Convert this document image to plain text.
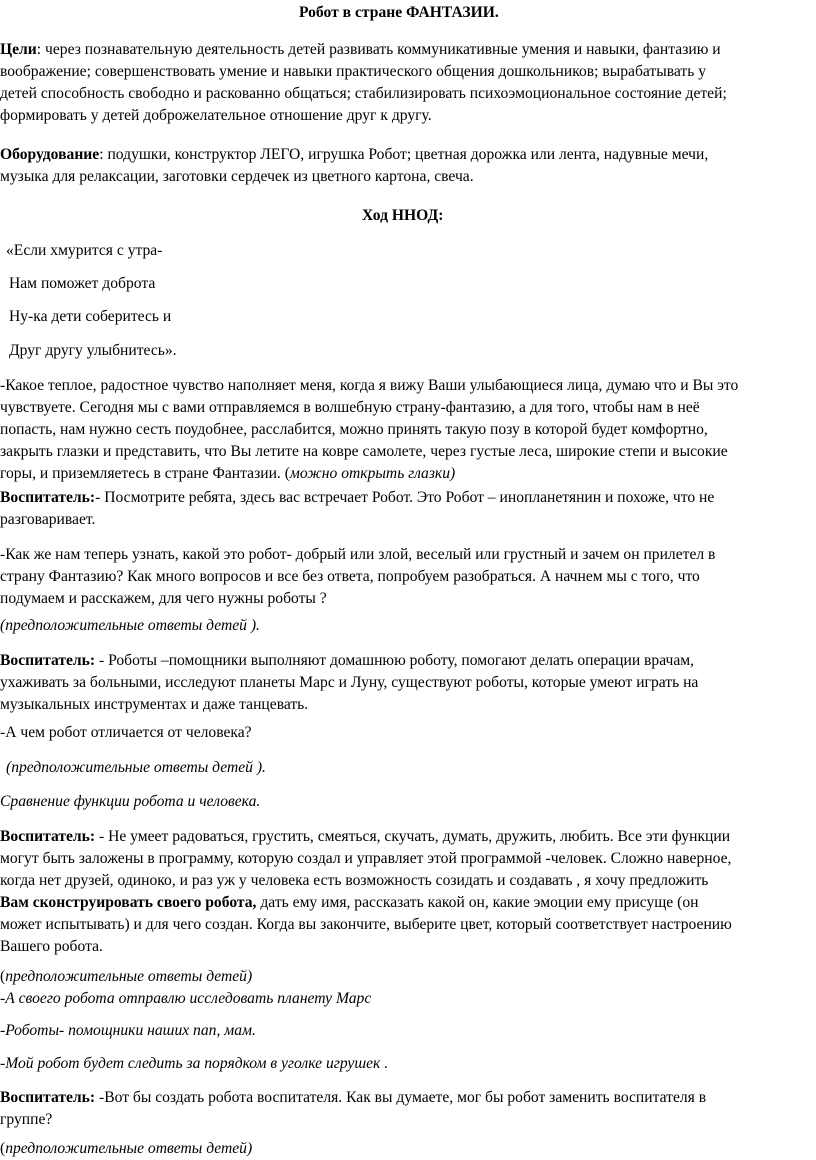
Робот в стране ФАНТАЗИИ.
Цели: через познавательную деятельность детей развивать коммуникативные умения и навыки, фантазию и
воображение; совершенствовать умение и навыки практического общения дошкольников; вырабатывать у
детей способность свободно и раскованно общаться; стабилизировать психоэмоциональное состояние детей;
формировать у детей доброжелательное отношение друг к другу.
Оборудование: подушки, конструктор ЛЕГО, игрушка Робот; цветная дорожка или лента, надувные мечи,
музыка для релаксации, заготовки сердечек из цветного картона, свеча.
Ход ННОД:
«Если хмурится с утра-
Нам поможет доброта
Ну-ка дети соберитесь и
Друг другу улыбнитесь».
-Какое теплое, радостное чувство наполняет меня, когда я вижу Ваши улыбающиеся лица, думаю что и Вы это
чувствуете. Сегодня мы с вами отправляемся в волшебную страну-фантазию, а для того, чтобы нам в неё
попасть, нам нужно сесть поудобнее, расслабится, можно принять такую позу в которой будет комфортно,
закрыть глазки и представить, что Вы летите на ковре самолете, через густые леса, широкие степи и высокие
горы, и приземляетесь в стране Фантазии. (можно открыть глазки)
Воспитатель:- Посмотрите ребята, здесь вас встречает Робот. Это Робот – инопланетянин и похоже, что не
разговаривает.
-Как же нам теперь узнать, какой это робот- добрый или злой, веселый или грустный и зачем он прилетел в
страну Фантазию? Как много вопросов и все без ответа, попробуем разобраться. А начнем мы с того, что
подумаем и расскажем, для чего нужны роботы ?
(предположительные ответы детей ).
Воспитатель: - Роботы –помощники выполняют домашнюю роботу, помогают делать операции врачам,
ухаживать за больными, исследуют планеты Марс и Луну, существуют роботы, которые умеют играть на
музыкальных инструментах и даже танцевать.
-А чем робот отличается от человека?
(предположительные ответы детей ).
Сравнение функции робота и человека.
Воспитатель: - Не умеет радоваться, грустить, смеяться, скучать, думать, дружить, любить. Все эти функции
могут быть заложены в программу, которую создал и управляет этой программой -человек. Сложно наверное,
когда нет друзей, одиноко, и раз уж у человека есть возможность созидать и создавать , я хочу предложить
Вам сконструировать своего робота, дать ему имя, рассказать какой он, какие эмоции ему присуще (он
может испытывать) и для чего создан. Когда вы закончите, выберите цвет, который соответствует настроению
Вашего робота.
(предположительные ответы детей)
-А своего робота отправлю исследовать планету Марс
-Роботы- помощники наших пап, мам.
-Мой робот будет следить за порядком в уголке игрушек .
Воспитатель: -Вот бы создать робота воспитателя. Как вы думаете, мог бы робот заменить воспитателя в
группе?
(предположительные ответы детей)
